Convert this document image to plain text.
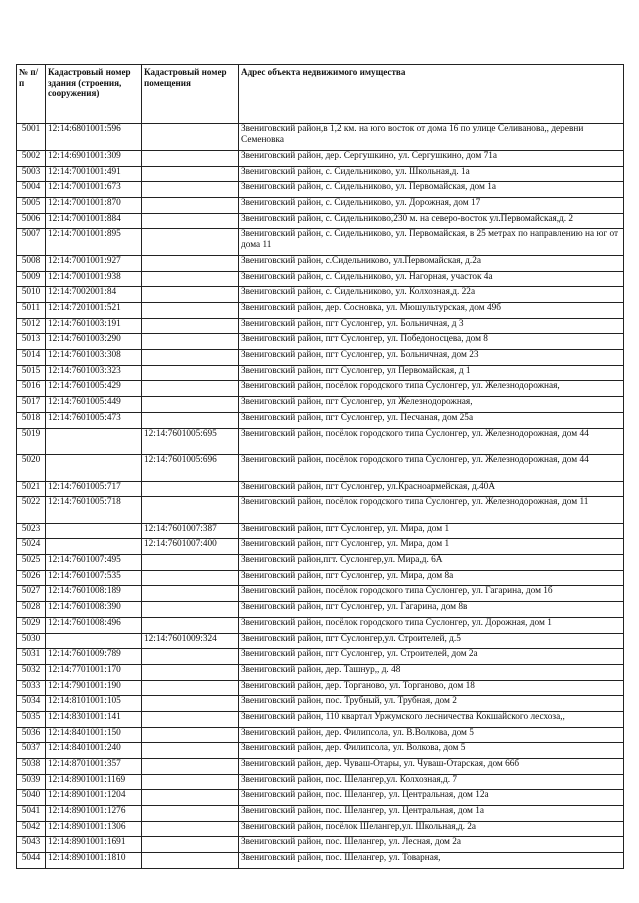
№ п/п	Кадастровый номер здания (строения, сооружения)	Кадастровый номер помещения	Адрес объекта недвижимого имущества
5001	12:14:6801001:596		Звениговский район,в 1,2 км. на юго восток от дома 16 по улице Селиванова,, деревни Семеновка
5002	12:14:6901001:309		Звениговский район, дер. Сергушкино, ул. Сергушкино, дом 71а
5003	12:14:7001001:491		Звениговский район, с. Сидельниково, ул. Школьная,д. 1а
5004	12:14:7001001:673		Звениговский район, с. Сидельниково, ул. Первомайская, дом 1а
5005	12:14:7001001:870		Звениговский район, с. Сидельниково, ул. Дорожная, дом 17
5006	12:14:7001001:884		Звениговский район, с. Сидельниково,230 м. на северо-восток ул.Первомайская,д. 2
5007	12:14:7001001:895		Звениговский район, с. Сидельниково, ул. Первомайская, в 25 метрах по направлению на юг от дома 11
5008	12:14:7001001:927		Звениговский район, с.Сидельниково, ул.Первомайская, д.2а
5009	12:14:7001001:938		Звениговский район, с. Сидельниково, ул. Нагорная, участок 4а
5010	12:14:7002001:84		Звениговский район, с. Сидельниково, ул. Колхозная,д. 22а
5011	12:14:7201001:521		Звениговский район, дер. Сосновка, ул. Мюшультурская, дом 49б
5012	12:14:7601003:191		Звениговский район, пгт Суслонгер, ул. Больничная, д 3
5013	12:14:7601003:290		Звениговский район, пгт Суслонгер, ул. Победоносцева, дом 8
5014	12:14:7601003:308		Звениговский район, пгт Суслонгер, ул. Больничная, дом 23
5015	12:14:7601003:323		Звениговский район, пгт Суслонгер, ул Первомайская, д 1
5016	12:14:7601005:429		Звениговский район, посёлок городского типа Суслонгер, ул. Железнодорожная,
5017	12:14:7601005:449		Звениговский район, пгт Суслонгер, ул Железнодорожная,
5018	12:14:7601005:473		Звениговский район, пгт Суслонгер, ул. Песчаная, дом 25а
5019		12:14:7601005:695	Звениговский район, посёлок городского типа Суслонгер, ул. Железнодорожная, дом 44
5020		12:14:7601005:696	Звениговский район, посёлок городского типа Суслонгер, ул. Железнодорожная, дом 44
5021	12:14:7601005:717		Звениговский район, пгт Суслонгер, ул.Красноармейская, д.40А
5022	12:14:7601005:718		Звениговский район, посёлок городского типа Суслонгер, ул. Железнодорожная, дом 11
5023		12:14:7601007:387	Звениговский район, пгт Суслонгер, ул. Мира, дом 1
5024		12:14:7601007:400	Звениговский район, пгт Суслонгер, ул. Мира, дом 1
5025	12:14:7601007:495		Звениговский район,пгт. Суслонгер,ул. Мира,д. 6А
5026	12:14:7601007:535		Звениговский район, пгт Суслонгер, ул. Мира, дом 8а
5027	12:14:7601008:189		Звениговский район, посёлок городского типа Суслонгер, ул. Гагарина, дом 1б
5028	12:14:7601008:390		Звениговский район, пгт Суслонгер, ул. Гагарина, дом 8в
5029	12:14:7601008:496		Звениговский район, посёлок городского типа Суслонгер, ул. Дорожная, дом 1
5030		12:14:7601009:324	Звениговский район, пгт Суслонгер,ул. Строителей, д.5
5031	12:14:7601009:789		Звениговский район, пгт Суслонгер, ул. Строителей, дом 2а
5032	12:14:7701001:170		Звениговский район, дер. Ташнур,, д. 48
5033	12:14:7901001:190		Звениговский район, дер. Торганово, ул. Торганово, дом 18
5034	12:14:8101001:105		Звениговский район, пос. Трубный, ул. Трубная, дом 2
5035	12:14:8301001:141		Звениговский район, 110 квартал Уржумского лесничества Кокшайского лесхоза,,
5036	12:14:8401001:150		Звениговский район, дер. Филипсола, ул. В.Волкова, дом 5
5037	12:14:8401001:240		Звениговский район, дер. Филипсола, ул. Волкова, дом 5
5038	12:14:8701001:357		Звениговский район, дер. Чуваш-Отары, ул. Чуваш-Отарская, дом 66б
5039	12:14:8901001:1169		Звениговский район, пос. Шелангер,ул. Колхозная,д. 7
5040	12:14:8901001:1204		Звениговский район, пос. Шелангер, ул. Центральная, дом 12а
5041	12:14:8901001:1276		Звениговский район, пос. Шелангер, ул. Центральная, дом 1а
5042	12:14:8901001:1306		Звениговский район, посёлок Шелангер,ул. Школьная,д. 2а
5043	12:14:8901001:1691		Звениговский район, пос. Шелангер, ул. Лесная, дом 2а
5044	12:14:8901001:1810		Звениговский район, пос. Шелангер, ул. Товарная,
